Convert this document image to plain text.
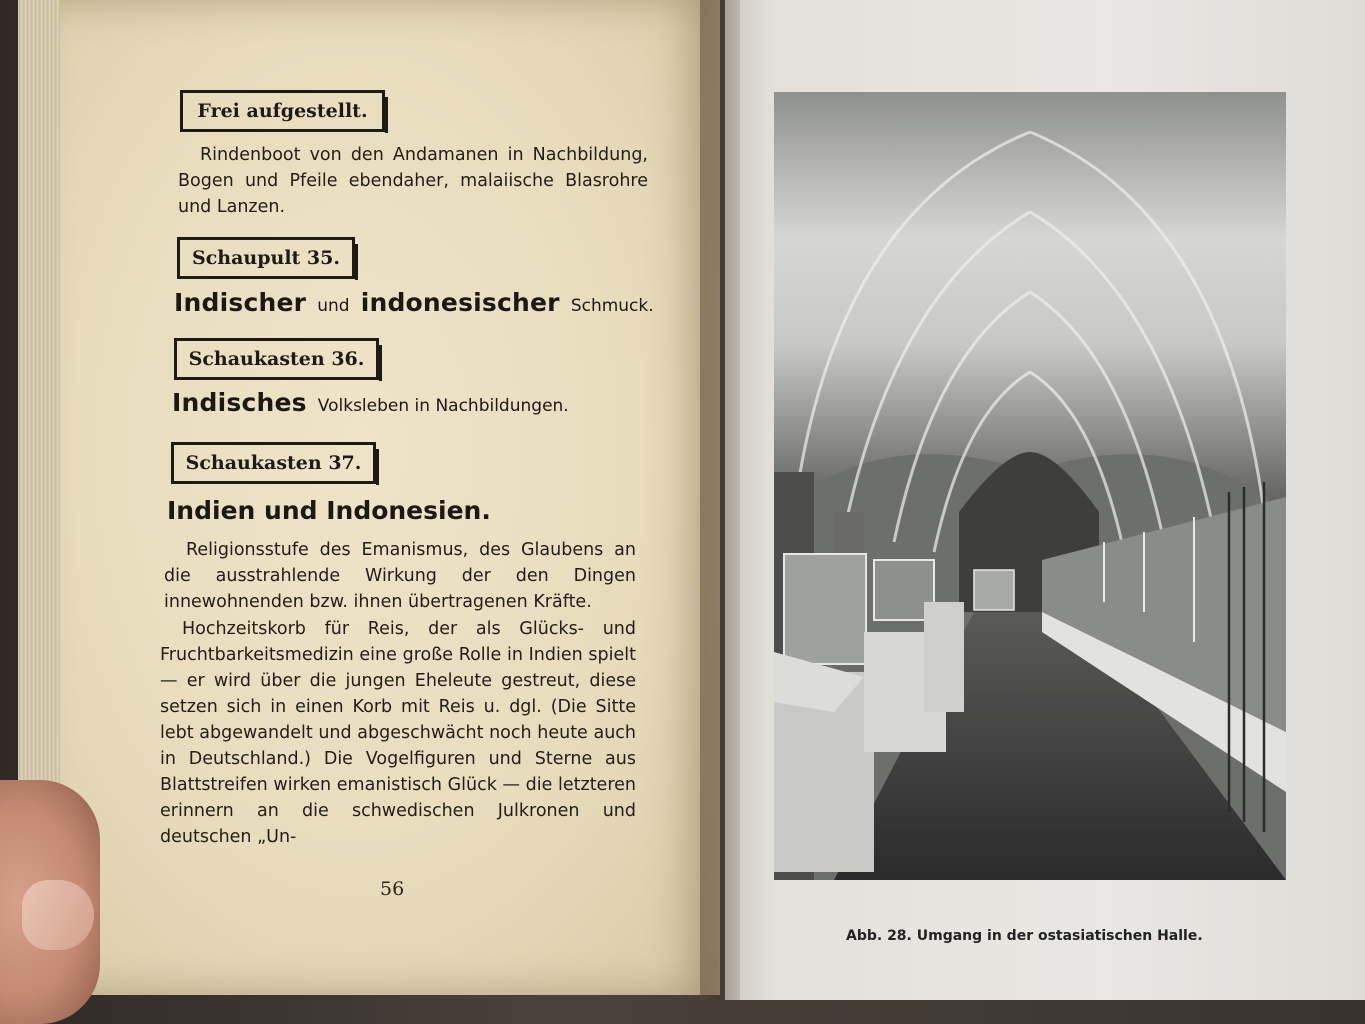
Frei aufgestellt.

Rindenboot von den Andamanen in Nachbildung, Bogen und Pfeile ebendaher, malaiische Blasrohre und Lanzen.

Schaupult 35.
Indischer und indonesischer Schmuck.
Schaukasten 36.
Indisches Volksleben in Nachbildungen.
Schaukasten 37.
Indien und Indonesien.

Religionsstufe des Emanismus, des Glaubens an die ausstrahlende Wirkung der den Dingen innewohnenden bzw. ihnen übertragenen Kräfte.

Hochzeitskorb für Reis, der als Glücks- und Fruchtbarkeitsmedizin eine große Rolle in Indien spielt — er wird über die jungen Eheleute gestreut, diese setzen sich in einen Korb mit Reis u. dgl. (Die Sitte lebt abgewandelt und abgeschwächt noch heute auch in Deutschland.) Die Vogelfiguren und Sterne aus Blattstreifen wirken emanistisch Glück — die letzteren erinnern an die schwedischen Julkronen und deutschen „Un-

56
Abb. 28. Umgang in der ostasiatischen Halle.
